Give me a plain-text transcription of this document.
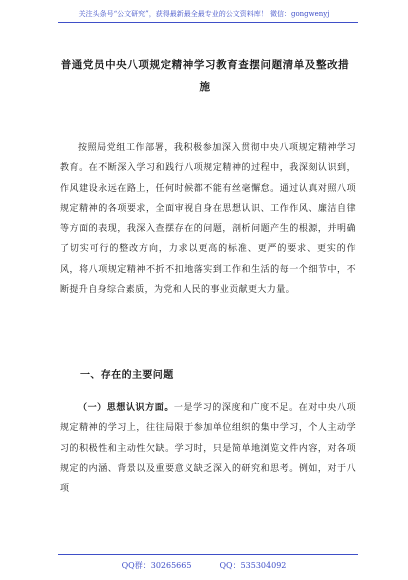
关注头条号“公文研究”，获得最新最全最专业的公文资料库！ 微信：gongwenyj
普通党员中央八项规定精神学习教育查摆问题清单及整改措施

按照局党组工作部署，我积极参加深入贯彻中央八项规定精神学习教育。在不断深入学习和践行八项规定精神的过程中，我深刻认识到，作风建设永远在路上，任何时候都不能有丝毫懈怠。通过认真对照八项规定精神的各项要求，全面审视自身在思想认识、工作作风、廉洁自律等方面的表现，我深入查摆存在的问题，剖析问题产生的根源，并明确了切实可行的整改方向，力求以更高的标准、更严的要求、更实的作风，将八项规定精神不折不扣地落实到工作和生活的每一个细节中，不断提升自身综合素质，为党和人民的事业贡献更大力量。

一、存在的主要问题

（一）思想认识方面。一是学习的深度和广度不足。在对中央八项规定精神的学习上，往往局限于参加单位组织的集中学习，个人主动学习的积极性和主动性欠缺。学习时，只是简单地浏览文件内容，对各项规定的内涵、背景以及重要意义缺乏深入的研究和思考。例如，对于八项

QQ群：30265665	QQ：535304092
